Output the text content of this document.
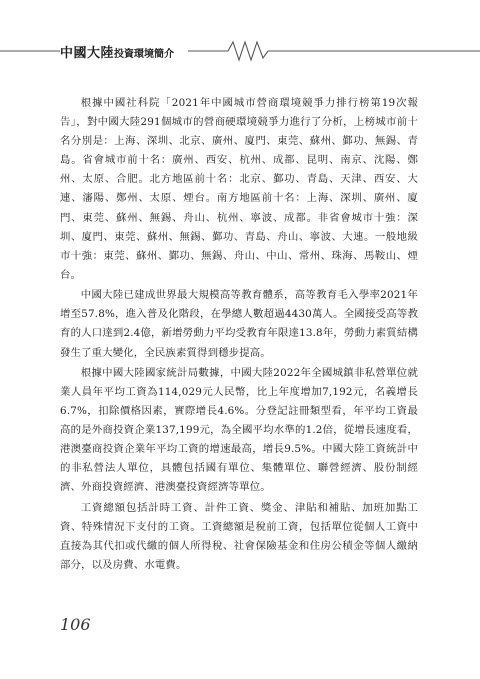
中國大陸投資環境簡介

根據中國社科院「2021年中國城市營商環境競爭力排行榜第19次報告」，對中國大陸291個城市的營商硬環境競爭力進行了分析，上榜城市前十名分別是：上海、深圳、北京、廣州、廈門、東莞、蘇州、鄞功、無錫、青島。省會城市前十名：廣州、西安、杭州、成都、昆明、南京、沈陽、鄭州、太原、合肥。北方地區前十名：北京、鄞功、青島、天津、西安、大連、瀋陽、鄭州、太原、煙台。南方地區前十名：上海、深圳、廣州、廈門、東莞、蘇州、無錫、舟山、杭州、寧波、成都。非省會城市十強：深圳、廈門、東莞、蘇州、無錫、鄞功、青島、舟山、寧波、大連。一般地級市十強：東莞、蘇州、鄞功、無錫、舟山、中山、常州、珠海、馬鞍山、煙台。

中國大陸已建成世界最大規模高等教育體系，高等教育毛入學率2021年增至57.8%，進入普及化階段，在學總人數超過4430萬人。全國接受高等教育的人口達到2.4億，新增勞動力平均受教育年限達13.8年，勞動力素質結構發生了重大變化，全民族素質得到穩步提高。

根據中國大陸國家統計局數據，中國大陸2022年全國城鎮非私營單位就業人員年平均工資為114,029元人民幣，比上年度增加7,192元，名義增長6.7%，扣除價格因素，實際增長4.6%。分登記註冊類型看，年平均工資最高的是外商投資企業137,199元，為全國平均水準的1.2倍，從增長速度看，港澳臺商投資企業年平均工資的增速最高，增長9.5%。中國大陸工資統計中的非私營法人單位，具體包括國有單位、集體單位、聯營經濟、股份制經濟、外商投資經濟、港澳臺投資經濟等單位。

工資總額包括計時工資、計件工資、獎金、津貼和補貼、加班加點工資、特殊情況下支付的工資。工資總額是稅前工資，包括單位從個人工資中直接為其代扣或代繳的個人所得稅、社會保險基金和住房公積金等個人繳納部分，以及房費、水電費。

106
